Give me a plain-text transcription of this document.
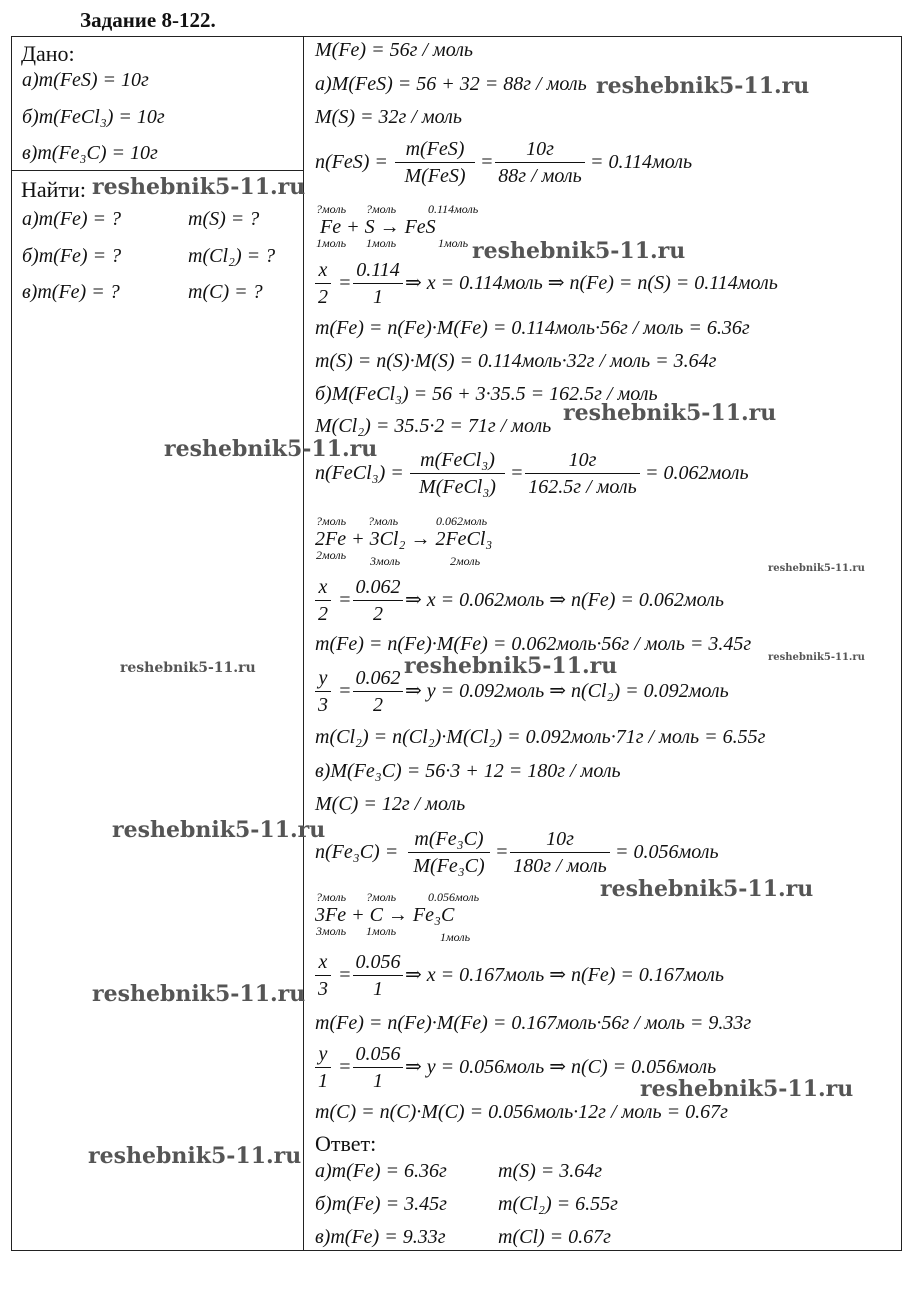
Задание 8-122.
Дано:
а)m(FeS) = 10г
б)m(FeCl₃) = 10г
в)m(Fe₃C) = 10г
Найти:
а)m(Fe) = ?	m(S) = ?
б)m(Fe) = ?	m(Cl₂) = ?
в)m(Fe) = ?	m(C) = ?
M(Fe) = 56г / моль
а)M(FeS) = 56 + 32 = 88г / моль
M(S) = 32г / моль
n(FeS) =
m(FeS)
M(FeS)
=
10г
88г / моль
= 0.114моль
?моль ?моль	0.114моль
Fe + S → FeS
1моль 1моль	1моль
$\frac{x}{2} = \frac{0.114}{1}$ ⇒ x = 0.114моль ⇒ n(Fe) = n(S) = 0.114моль
m(Fe) = n(Fe)·M(Fe) = 0.114моль·56г / моль = 6.36г
m(S) = n(S)·M(S) = 0.114моль·32г / моль = 3.64г
б)M(FeCl₃) = 56 + 3·35.5 = 162.5г / моль
M(Cl₂) = 35.5·2 = 71г / моль
n(FeCl₃) =
m(FeCl₃)
M(FeCl₃)
=
10г
162.5г / моль
= 0.062моль
?моль ?моль	0.062моль
2Fe + 3Cl₂ → 2FeCl₃
2моль 3моль	2моль
$\frac{x}{2} = \frac{0.062}{2}$ ⇒ x = 0.062моль ⇒ n(Fe) = 0.062моль
m(Fe) = n(Fe)·M(Fe) = 0.062моль·56г / моль = 3.45г
$\frac{y}{3} = \frac{0.062}{2}$ ⇒ y = 0.092моль ⇒ n(Cl₂) = 0.092моль
m(Cl₂) = n(Cl₂)·M(Cl₂) = 0.092моль·71г / моль = 6.55г
в)M(Fe₃C) = 56·3 + 12 = 180г / моль
M(C) = 12г / моль
$n(Fe_3C) = \frac{\text{m(Fe₃C)}}{\text{M(Fe₃C)}}$ =
10г
180г / моль
= 0.056моль
?моль ?моль	0.056моль
3Fe + C → Fe₃C
3моль 1моль	1моль
$\frac{x}{3} = \frac{0.056}{1}$ ⇒ x = 0.167моль ⇒ n(Fe) = 0.167моль
m(Fe) = n(Fe)·M(Fe) = 0.167моль·56г / моль = 9.33г
$\frac{y}{1} = \frac{0.056}{1}$ ⇒ y = 0.056моль ⇒ n(C) = 0.056моль
m(C) = n(C)·M(C) = 0.056моль·12г / моль = 0.67г
Ответ:
а)m(Fe) = 6.36г	m(S) = 3.64г
б)m(Fe) = 3.45г	m(Cl₂) = 6.55г
в)m(Fe) = 9.33г	m(Cl) = 0.67г
reshebnik5-11.ru
reshebnik5-11.ru
reshebnik5-11.ru
reshebnik5-11.ru
reshebnik5-11.ru
reshebnik5-11.ru
reshebnik5-11.ru	reshebnik5-11.ru	reshebnik5-11.ru
reshebnik5-11.ru
reshebnik5-11.ru
reshebnik5-11.ru
reshebnik5-11.ru
reshebnik5-11.ru
